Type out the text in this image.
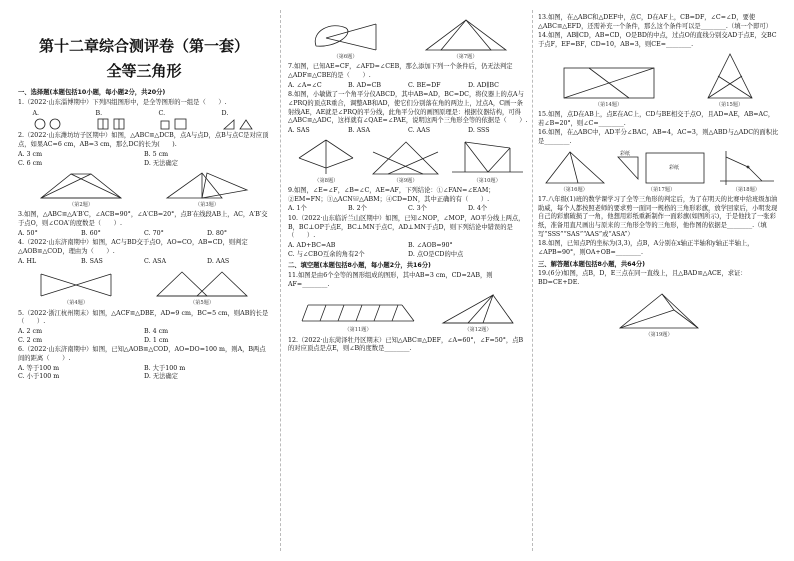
第十二章综合测评卷（第一套）
全等三角形
一、选择题(本题包括10小题，每小题2分，共20分)
1.（2022·山东淄博期中）下列四组图形中，是全等图形的一组是（　　）.
A.	B.	C.	D.
2.（2022·山东潍坊坊子区期中）如图，△ABC≌△DCB，点A与点D，点B与点C是对应顶点，如果AC=6 cm，AB=3 cm，那么DC的长为(　　).
A. 3 cm	B. 5 cm
C. 6 cm	D. 无法确定
（第2题）	（第3题）
3.如图，△ABC≌△A′B′C，∠ACB=90°，∠A′CB=20°，点B′在线段AB上，AC，A′B′交于点O，则∠COA′的度数是（　　）.
A. 50°	B. 60°	C. 70°	D. 80°
4.（2022·山东济南期中）如图，AC与BD交于点O，AO=CO，AB=CD，则判定△AOB≌△COD，理由为（　　）.
A. HL	B. SAS	C. ASA	D. AAS
（第4题）	（第5题）
5.（2022·浙江杭州期末）如图，△ACF≌△DBE，AD=9 cm，BC=5 cm，则AB的长是（　　）.
A. 2 cm	B. 4 cm
C. 2 cm	D. 1 cm
6.（2022·山东济南期中）如图，已知△AOB≌△COD，AO=DO=100 m，则A，B两点间的距离（　　）.
A. 等于100 m	B. 大于100 m
C. 小于100 m	D. 无法确定
（第6题）	（第7题）
7.如图，已知AE=CF，∠AFD=∠CEB，那么添加下列一个条件后，仍无法判定△ADF≌△CBE的是（　　）.
A. ∠A=∠C	B. AD=CB	C. BE=DF	D. AD∥BC
8.如图，小敏做了一个角平分仪ABCD，其中AB=AD，BC=DC，将仪器上的点A与∠PRQ的顶点R重合，调整AB和AD，使它们分别落在角的两边上，过点A，C画一条射线AE，AE就是∠PRQ的平分线，此角平分仪的画图原理是：根据仪器结构，可得△ABC≌△ADC，这样就有∠QAE=∠PAE，说明这两个三角形全等的依据是（　　）.
A. SAS	B. ASA	C. AAS	D. SSS
（第8题）	（第9题）	（第10题）
9.如图，∠E=∠F，∠B=∠C，AE=AF，下列结论：①∠FAN=∠EAM；②EM=FN；③△ACN≌△ABM；④CD=DN，其中正确的有（　　）.
A. 1个	B. 2个	C. 3个	D. 4个
10.（2022·山东临沂兰山区期中）如图，已知∠NOP，∠MOP，AO平分线上两点，B，BC⊥OP于点E，BC⊥MN于点C，AD⊥MN于点D，则下列结论中错误的是（　　）.
A. AD+BC=AB	B. ∠AOB=90°
C. 与∠CBO互余的角有2个	D. 点O是CD的中点
二、填空题(本题包括8小题，每小题2分，共16分)
11.如图是由6个全等的图形组成的图形，其中AB=3 cm，CD=2AB，则AF=________.
（第11题）	（第12题）
12.（2022·山东菏泽牡丹区期末）已知△ABC≌△DEF，∠A=60°，∠F=50°，点B的对应顶点是点E，则∠B的度数是________.
13.如图，在△ABC和△DEF中，点C，D在AF上，CB=DF，∠C=∠D，要使△ABC≌△EFD，还需补充一个条件，那么这个条件可以是________.（填一个即可）
14.如图，AB∥CD，AB=CD，O是BD的中点，过点O的直线分别交AD于点E，交BC于点F，EF=BF，CD=10，AB=3，则CE=________.
（第14题）	（第15题）
15.如图，点D在AB上，点E在AC上，CD与BE相交于点O，且AD=AE，AB=AC，若∠B=20°，则∠C=________.
16.如图，在△ABC中，AD平分∠BAC，AB=4，AC=3，则△ABD与△ADC的面积比是________.
（第16题）
彩纸
彩纸
（第17题）	（第18题）
17.八年级(1)班的数学课学习了全等三角形的判定后，为了在明天的比赛中给班级加油助威，每个人都按照老师的要求剪一面同一规格的三角形彩旗，放学回家后，小明发现自己的彩旗破损了一角，他想用彩纸重新制作一面彩旗(如图所示)，于是他找了一张彩纸，准备用直尺画出与原来的三角形全等的三角形，他作图的依据是________.（填写“SSS”“SAS”“AAS”或“ASA”）
18.如图，已知点P的坐标为(3,3)，点B，A分别在x轴正半轴和y轴正半轴上，∠APB=90°，则OA+OB=________.
三、解答题(本题包括8小题，共64分)
19.(6分)如图，点B，D，E三点在同一直线上，且△BAD≌△ACE，求证：BD=CE+DE.
（第19题）
